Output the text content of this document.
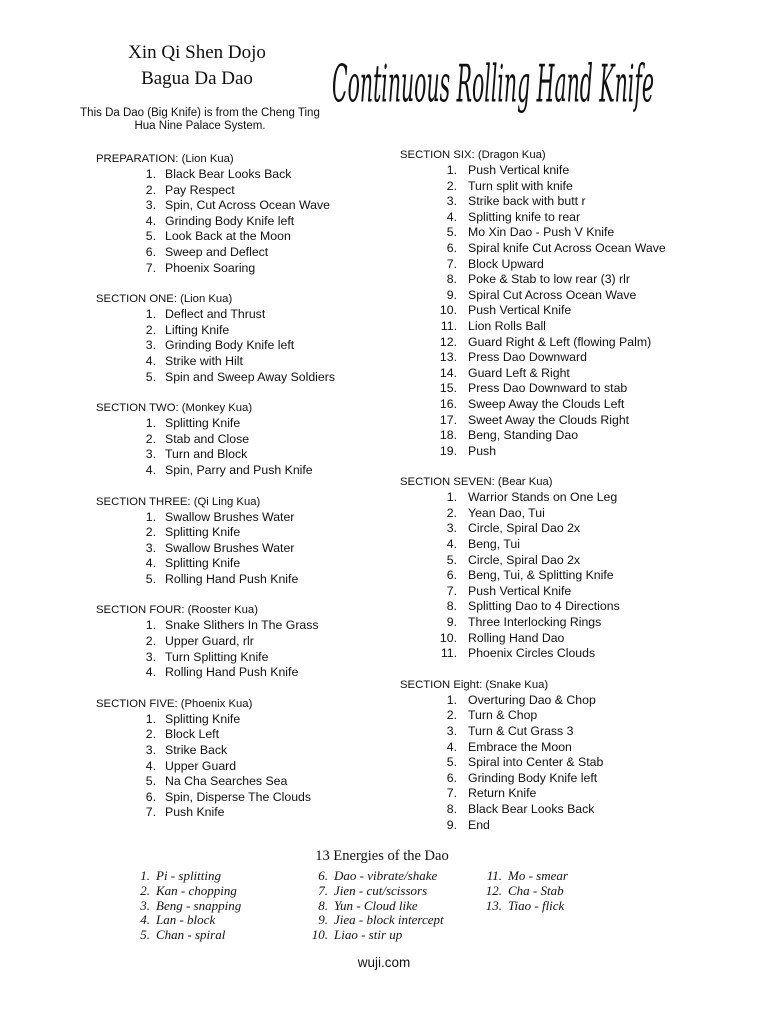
Xin Qi Shen Dojo
Bagua Da Dao
This Da Dao (Big Knife) is from the Cheng Ting Hua Nine Palace System.
Continuous Rolling Hand Knife
PREPARATION: (Lion Kua)
1. Black Bear Looks Back
2. Pay Respect
3. Spin, Cut Across Ocean Wave
4. Grinding Body Knife left
5. Look Back at the Moon
6. Sweep and Deflect
7. Phoenix Soaring
SECTION ONE: (Lion Kua)
1. Deflect and Thrust
2. Lifting Knife
3. Grinding Body Knife left
4. Strike with Hilt
5. Spin and Sweep Away Soldiers
SECTION TWO: (Monkey Kua)
1. Splitting Knife
2. Stab and Close
3. Turn and Block
4. Spin, Parry and Push Knife
SECTION THREE: (Qi Ling Kua)
1. Swallow Brushes Water
2. Splitting Knife
3. Swallow Brushes Water
4. Splitting Knife
5. Rolling Hand Push Knife
SECTION FOUR: (Rooster Kua)
1. Snake Slithers In The Grass
2. Upper Guard, rlr
3. Turn Splitting Knife
4. Rolling Hand Push Knife
SECTION FIVE: (Phoenix Kua)
1. Splitting Knife
2. Block Left
3. Strike Back
4. Upper Guard
5. Na Cha Searches Sea
6. Spin, Disperse The Clouds
7. Push Knife
SECTION SIX: (Dragon Kua)
1. Push Vertical knife
2. Turn split with knife
3. Strike back with butt r
4. Splitting knife to rear
5. Mo Xin Dao - Push V Knife
6. Spiral knife Cut Across Ocean Wave
7. Block Upward
8. Poke & Stab to low rear (3) rlr
9. Spiral Cut Across Ocean Wave
10. Push Vertical Knife
11. Lion Rolls Ball
12. Guard Right & Left (flowing Palm)
13. Press Dao Downward
14. Guard Left & Right
15. Press Dao Downward to stab
16. Sweep Away the Clouds Left
17. Sweet Away the Clouds Right
18. Beng, Standing Dao
19. Push
SECTION SEVEN: (Bear Kua)
1. Warrior Stands on One Leg
2. Yean Dao, Tui
3. Circle, Spiral Dao 2x
4. Beng, Tui
5. Circle, Spiral Dao 2x
6. Beng, Tui, & Splitting Knife
7. Push Vertical Knife
8. Splitting Dao to 4 Directions
9. Three Interlocking Rings
10. Rolling Hand Dao
11. Phoenix Circles Clouds
SECTION Eight: (Snake Kua)
1. Overturing Dao & Chop
2. Turn & Chop
3. Turn & Cut Grass 3
4. Embrace the Moon
5. Spiral into Center & Stab
6. Grinding Body Knife left
7. Return Knife
8. Black Bear Looks Back
9. End
13 Energies of the Dao
1. Pi - splitting
2. Kan - chopping
3. Beng - snapping
4. Lan - block
5. Chan - spiral
6. Dao - vibrate/shake
7. Jien - cut/scissors
8. Yun - Cloud like
9. Jiea - block intercept
10. Liao - stir up
11. Mo - smear
12. Cha - Stab
13. Tiao - flick
wuji.com
